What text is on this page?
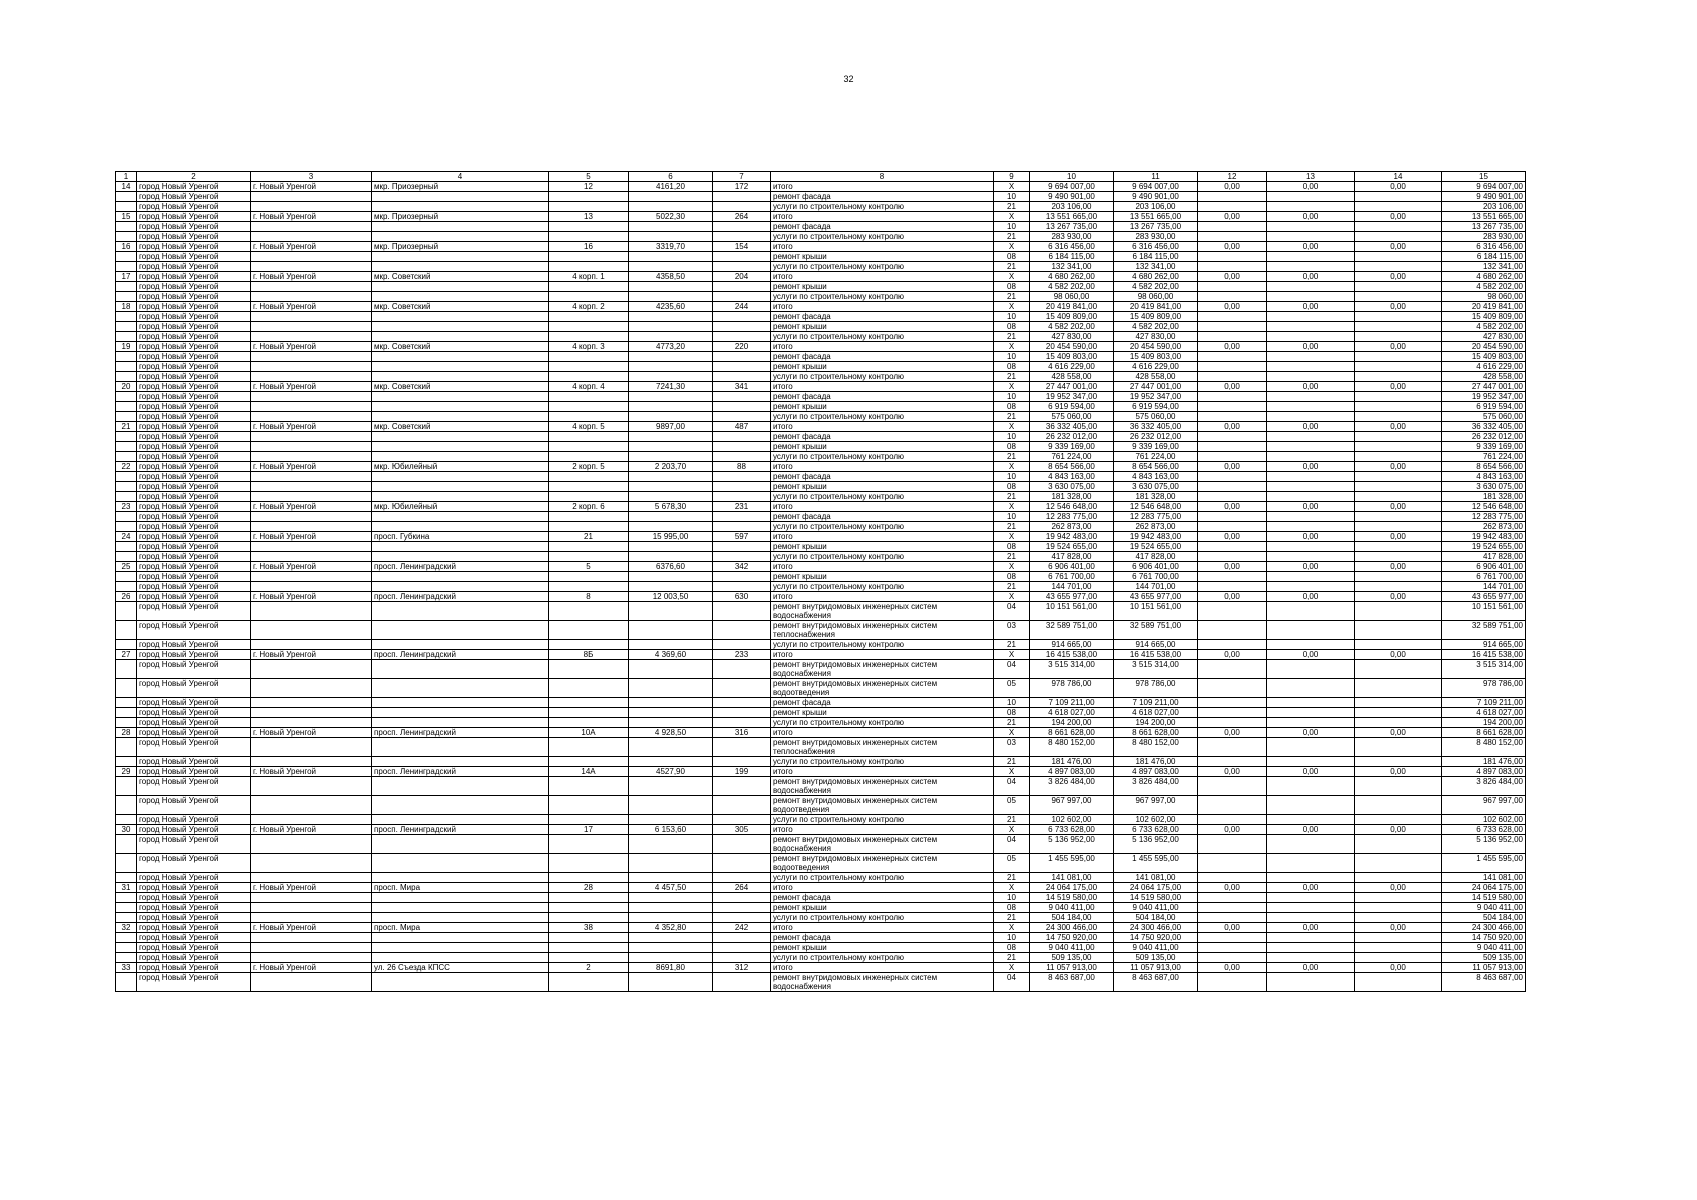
32
1	2	3	4	5	6	7	8	9	10	11	12	13	14	15
14	город Новый Уренгой	г. Новый Уренгой	мкр. Приозерный	12	4161,20	172	итого	X	9 694 007,00	9 694 007,00	0,00	0,00	0,00	9 694 007,00
	город Новый Уренгой						ремонт фасада	10	9 490 901,00	9 490 901,00				9 490 901,00
	город Новый Уренгой						услуги по строительному контролю	21	203 106,00	203 106,00				203 106,00
15	город Новый Уренгой	г. Новый Уренгой	мкр. Приозерный	13	5022,30	264	итого	X	13 551 665,00	13 551 665,00	0,00	0,00	0,00	13 551 665,00
	город Новый Уренгой						ремонт фасада	10	13 267 735,00	13 267 735,00				13 267 735,00
	город Новый Уренгой						услуги по строительному контролю	21	283 930,00	283 930,00				283 930,00
16	город Новый Уренгой	г. Новый Уренгой	мкр. Приозерный	16	3319,70	154	итого	X	6 316 456,00	6 316 456,00	0,00	0,00	0,00	6 316 456,00
	город Новый Уренгой						ремонт крыши	08	6 184 115,00	6 184 115,00				6 184 115,00
	город Новый Уренгой						услуги по строительному контролю	21	132 341,00	132 341,00				132 341,00
17	город Новый Уренгой	г. Новый Уренгой	мкр. Советский	4 корп. 1	4358,50	204	итого	X	4 680 262,00	4 680 262,00	0,00	0,00	0,00	4 680 262,00
	город Новый Уренгой						ремонт крыши	08	4 582 202,00	4 582 202,00				4 582 202,00
	город Новый Уренгой						услуги по строительному контролю	21	98 060,00	98 060,00				98 060,00
18	город Новый Уренгой	г. Новый Уренгой	мкр. Советский	4 корп. 2	4235,60	244	итого	X	20 419 841,00	20 419 841,00	0,00	0,00	0,00	20 419 841,00
	город Новый Уренгой						ремонт фасада	10	15 409 809,00	15 409 809,00				15 409 809,00
	город Новый Уренгой						ремонт крыши	08	4 582 202,00	4 582 202,00				4 582 202,00
	город Новый Уренгой						услуги по строительному контролю	21	427 830,00	427 830,00				427 830,00
19	город Новый Уренгой	г. Новый Уренгой	мкр. Советский	4 корп. 3	4773,20	220	итого	X	20 454 590,00	20 454 590,00	0,00	0,00	0,00	20 454 590,00
	город Новый Уренгой						ремонт фасада	10	15 409 803,00	15 409 803,00				15 409 803,00
	город Новый Уренгой						ремонт крыши	08	4 616 229,00	4 616 229,00				4 616 229,00
	город Новый Уренгой						услуги по строительному контролю	21	428 558,00	428 558,00				428 558,00
20	город Новый Уренгой	г. Новый Уренгой	мкр. Советский	4 корп. 4	7241,30	341	итого	X	27 447 001,00	27 447 001,00	0,00	0,00	0,00	27 447 001,00
	город Новый Уренгой						ремонт фасада	10	19 952 347,00	19 952 347,00				19 952 347,00
	город Новый Уренгой						ремонт крыши	08	6 919 594,00	6 919 594,00				6 919 594,00
	город Новый Уренгой						услуги по строительному контролю	21	575 060,00	575 060,00				575 060,00
21	город Новый Уренгой	г. Новый Уренгой	мкр. Советский	4 корп. 5	9897,00	487	итого	X	36 332 405,00	36 332 405,00	0,00	0,00	0,00	36 332 405,00
	город Новый Уренгой						ремонт фасада	10	26 232 012,00	26 232 012,00				26 232 012,00
	город Новый Уренгой						ремонт крыши	08	9 339 169,00	9 339 169,00				9 339 169,00
	город Новый Уренгой						услуги по строительному контролю	21	761 224,00	761 224,00				761 224,00
22	город Новый Уренгой	г. Новый Уренгой	мкр. Юбилейный	2 корп. 5	2 203,70	88	итого	X	8 654 566,00	8 654 566,00	0,00	0,00	0,00	8 654 566,00
	город Новый Уренгой						ремонт фасада	10	4 843 163,00	4 843 163,00				4 843 163,00
	город Новый Уренгой						ремонт крыши	08	3 630 075,00	3 630 075,00				3 630 075,00
	город Новый Уренгой						услуги по строительному контролю	21	181 328,00	181 328,00				181 328,00
23	город Новый Уренгой	г. Новый Уренгой	мкр. Юбилейный	2 корп. 6	5 678,30	231	итого	X	12 546 648,00	12 546 648,00	0,00	0,00	0,00	12 546 648,00
	город Новый Уренгой						ремонт фасада	10	12 283 775,00	12 283 775,00				12 283 775,00
	город Новый Уренгой						услуги по строительному контролю	21	262 873,00	262 873,00				262 873,00
24	город Новый Уренгой	г. Новый Уренгой	просп. Губкина	21	15 995,00	597	итого	X	19 942 483,00	19 942 483,00	0,00	0,00	0,00	19 942 483,00
	город Новый Уренгой						ремонт крыши	08	19 524 655,00	19 524 655,00				19 524 655,00
	город Новый Уренгой						услуги по строительному контролю	21	417 828,00	417 828,00				417 828,00
25	город Новый Уренгой	г. Новый Уренгой	просп. Ленинградский	5	6376,60	342	итого	X	6 906 401,00	6 906 401,00	0,00	0,00	0,00	6 906 401,00
	город Новый Уренгой						ремонт крыши	08	6 761 700,00	6 761 700,00				6 761 700,00
	город Новый Уренгой						услуги по строительному контролю	21	144 701,00	144 701,00				144 701,00
26	город Новый Уренгой	г. Новый Уренгой	просп. Ленинградский	8	12 003,50	630	итого	X	43 655 977,00	43 655 977,00	0,00	0,00	0,00	43 655 977,00
	город Новый Уренгой						ремонт внутридомовых инженерных систем водоснабжения	04	10 151 561,00	10 151 561,00				10 151 561,00
	город Новый Уренгой						ремонт внутридомовых инженерных систем теплоснабжения	03	32 589 751,00	32 589 751,00				32 589 751,00
	город Новый Уренгой						услуги по строительному контролю	21	914 665,00	914 665,00				914 665,00
27	город Новый Уренгой	г. Новый Уренгой	просп. Ленинградский	8Б	4 369,60	233	итого	X	16 415 538,00	16 415 538,00	0,00	0,00	0,00	16 415 538,00
	город Новый Уренгой						ремонт внутридомовых инженерных систем водоснабжения	04	3 515 314,00	3 515 314,00				3 515 314,00
	город Новый Уренгой						ремонт внутридомовых инженерных систем водоотведения	05	978 786,00	978 786,00				978 786,00
	город Новый Уренгой						ремонт фасада	10	7 109 211,00	7 109 211,00				7 109 211,00
	город Новый Уренгой						ремонт крыши	08	4 618 027,00	4 618 027,00				4 618 027,00
	город Новый Уренгой						услуги по строительному контролю	21	194 200,00	194 200,00				194 200,00
28	город Новый Уренгой	г. Новый Уренгой	просп. Ленинградский	10А	4 928,50	316	итого	X	8 661 628,00	8 661 628,00	0,00	0,00	0,00	8 661 628,00
	город Новый Уренгой						ремонт внутридомовых инженерных систем теплоснабжения	03	8 480 152,00	8 480 152,00				8 480 152,00
	город Новый Уренгой						услуги по строительному контролю	21	181 476,00	181 476,00				181 476,00
29	город Новый Уренгой	г. Новый Уренгой	просп. Ленинградский	14А	4527,90	199	итого	X	4 897 083,00	4 897 083,00	0,00	0,00	0,00	4 897 083,00
	город Новый Уренгой						ремонт внутридомовых инженерных систем водоснабжения	04	3 826 484,00	3 826 484,00				3 826 484,00
	город Новый Уренгой						ремонт внутридомовых инженерных систем водоотведения	05	967 997,00	967 997,00				967 997,00
	город Новый Уренгой						услуги по строительному контролю	21	102 602,00	102 602,00				102 602,00
30	город Новый Уренгой	г. Новый Уренгой	просп. Ленинградский	17	6 153,60	305	итого	X	6 733 628,00	6 733 628,00	0,00	0,00	0,00	6 733 628,00
	город Новый Уренгой						ремонт внутридомовых инженерных систем водоснабжения	04	5 136 952,00	5 136 952,00				5 136 952,00
	город Новый Уренгой						ремонт внутридомовых инженерных систем водоотведения	05	1 455 595,00	1 455 595,00				1 455 595,00
	город Новый Уренгой						услуги по строительному контролю	21	141 081,00	141 081,00				141 081,00
31	город Новый Уренгой	г. Новый Уренгой	просп. Мира	28	4 457,50	264	итого	X	24 064 175,00	24 064 175,00	0,00	0,00	0,00	24 064 175,00
	город Новый Уренгой						ремонт фасада	10	14 519 580,00	14 519 580,00				14 519 580,00
	город Новый Уренгой						ремонт крыши	08	9 040 411,00	9 040 411,00				9 040 411,00
	город Новый Уренгой						услуги по строительному контролю	21	504 184,00	504 184,00				504 184,00
32	город Новый Уренгой	г. Новый Уренгой	просп. Мира	38	4 352,80	242	итого	X	24 300 466,00	24 300 466,00	0,00	0,00	0,00	24 300 466,00
	город Новый Уренгой						ремонт фасада	10	14 750 920,00	14 750 920,00				14 750 920,00
	город Новый Уренгой						ремонт крыши	08	9 040 411,00	9 040 411,00				9 040 411,00
	город Новый Уренгой						услуги по строительному контролю	21	509 135,00	509 135,00				509 135,00
33	город Новый Уренгой	г. Новый Уренгой	ул. 26 Съезда КПСС	2	8691,80	312	итого	X	11 057 913,00	11 057 913,00	0,00	0,00	0,00	11 057 913,00
	город Новый Уренгой						ремонт внутридомовых инженерных систем водоснабжения	04	8 463 687,00	8 463 687,00				8 463 687,00
